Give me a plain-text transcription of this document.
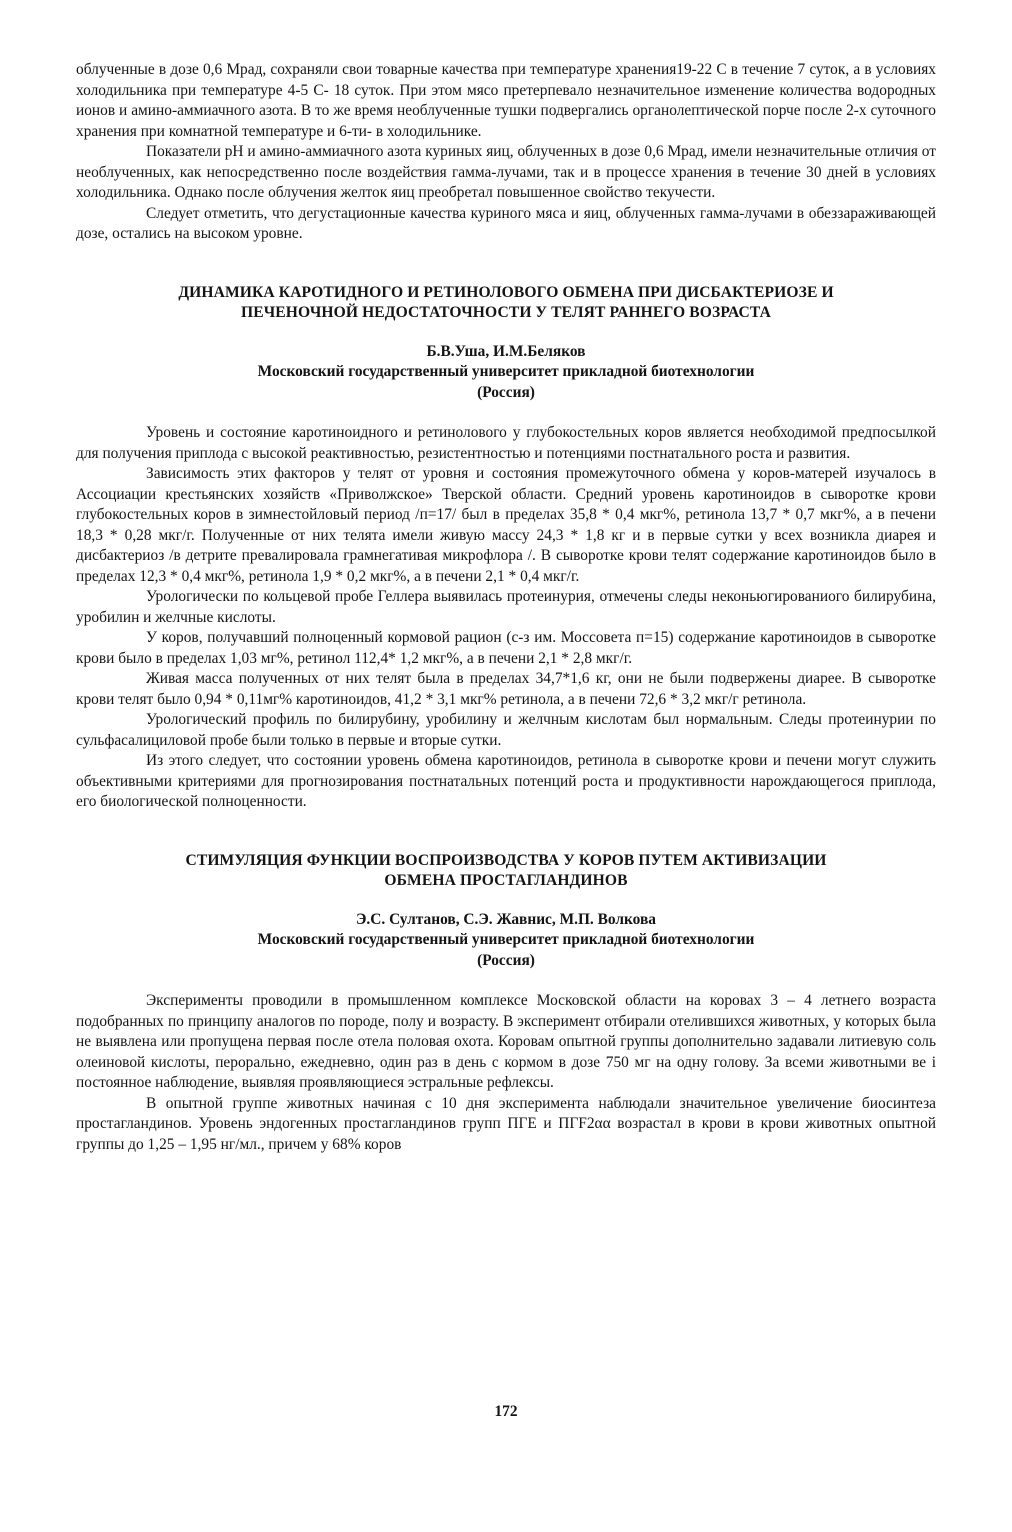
облученные в дозе 0,6 Мрад, сохраняли свои товарные качества при температуре хранения19-22 С в течение 7 суток, а в условиях холодильника при температуре 4-5 С- 18 суток. При этом мясо претерпевало незначительное изменение количества водородных ионов и амино-аммиачного азота. В то же время необлученные тушки подвергались органолептической порче после 2-х суточного хранения при комнатной температуре и 6-ти- в холодильнике.

Показатели pH и амино-аммиачного азота куриных яиц, облученных в дозе 0,6 Мрад, имели незначительные отличия от необлученных, как непосредственно после воздействия гамма-лучами, так и в процессе хранения в течение 30 дней в условиях холодильника. Однако после облучения желток яиц преобретал повышенное свойство текучести.

Следует отметить, что дегустационные качества куриного мяса и яиц, облученных гамма-лучами в обеззараживающей дозе, остались на высоком уровне.

ДИНАМИКА КАРОТИДНОГО И РЕТИНОЛОВОГО ОБМЕНА ПРИ ДИСБАКТЕРИОЗЕ И
ПЕЧЕНОЧНОЙ НЕДОСТАТОЧНОСТИ У ТЕЛЯТ РАННЕГО ВОЗРАСТА
Б.В.Уша, И.М.Беляков
Московский государственный университет прикладной биотехнологии
(Россия)

Уровень и состояние каротиноидного и ретинолового у глубокостельных коров является необходимой предпосылкой для получения приплода с высокой реактивностью, резистентностью и потенциями постнатального роста и развития.

Зависимость этих факторов у телят от уровня и состояния промежуточного обмена у коров-матерей изучалось в Ассоциации крестьянских хозяйств «Приволжское» Тверской области. Средний уровень каротиноидов в сыворотке крови глубокостельных коров в зимнестойловый период /п=17/ был в пределах 35,8 * 0,4 мкг%, ретинола 13,7 * 0,7 мкг%, а в печени 18,3 * 0,28 мкг/г. Полученные от них телята имели живую массу 24,3 * 1,8 кг и в первые сутки у всех возникла диарея и дисбактериоз /в детрите превалировала грамнегативая микрофлора /. В сыворотке крови телят содержание каротиноидов было в пределах 12,3 * 0,4 мкг%, ретинола 1,9 * 0,2 мкг%, а в печени 2,1 * 0,4 мкг/г.

Урологически по кольцевой пробе Геллера выявилась протеинурия, отмечены следы неконьюгированиого билирубина, уробилин и желчные кислоты.

У коров, получавший полноценный кормовой рацион (с-з им. Моссовета п=15) содержание каротиноидов в сыворотке крови было в пределах 1,03 мг%, ретинол 112,4* 1,2 мкг%, а в печени 2,1 * 2,8 мкг/г.

Живая масса полученных от них телят была в пределах 34,7*1,6 кг, они не были подвержены диарее. В сыворотке крови телят было 0,94 * 0,11мг% каротиноидов, 41,2 * 3,1 мкг% ретинола, а в печени 72,6 * 3,2 мкг/г ретинола.

Урологический профиль по билирубину, уробилину и желчным кислотам был нормальным. Следы протеинурии по сульфасалициловой пробе были только в первые и вторые сутки.

Из этого следует, что состоянии уровень обмена каротиноидов, ретинола в сыворотке крови и печени могут служить объективными критериями для прогнозирования постнатальных потенций роста и продуктивности нарождающегося приплода, его биологической полноценности.

СТИМУЛЯЦИЯ ФУНКЦИИ ВОСПРОИЗВОДСТВА У КОРОВ ПУТЕМ АКТИВИЗАЦИИ
ОБМЕНА ПРОСТАГЛАНДИНОВ
Э.С. Султанов, С.Э. Жавнис, М.П. Волкова
Московский государственный университет прикладной биотехнологии
(Россия)

Эксперименты проводили в промышленном комплексе Московской области на коровах 3 – 4 летнего возраста подобранных по принципу аналогов по породе, полу и возрасту. В эксперимент отбирали отелившихся животных, у которых была не выявлена или пропущена первая после отела половая охота. Коровам опытной группы дополнительно задавали литиевую соль олеиновой кислоты, перорально, ежедневно, один раз в день с кормом в дозе 750 мг на одну голову. За всеми животными ве i постоянное наблюдение, выявляя проявляющиеся эстральные рефлексы.

В опытной группе животных начиная с 10 дня эксперимента наблюдали значительное увеличение биосинтеза простагландинов. Уровень эндогенных простагландинов групп ПГЕ и ПГF2αα возрастал в крови в крови животных опытной группы до 1,25 – 1,95 нг/мл., причем у 68% коров

172
